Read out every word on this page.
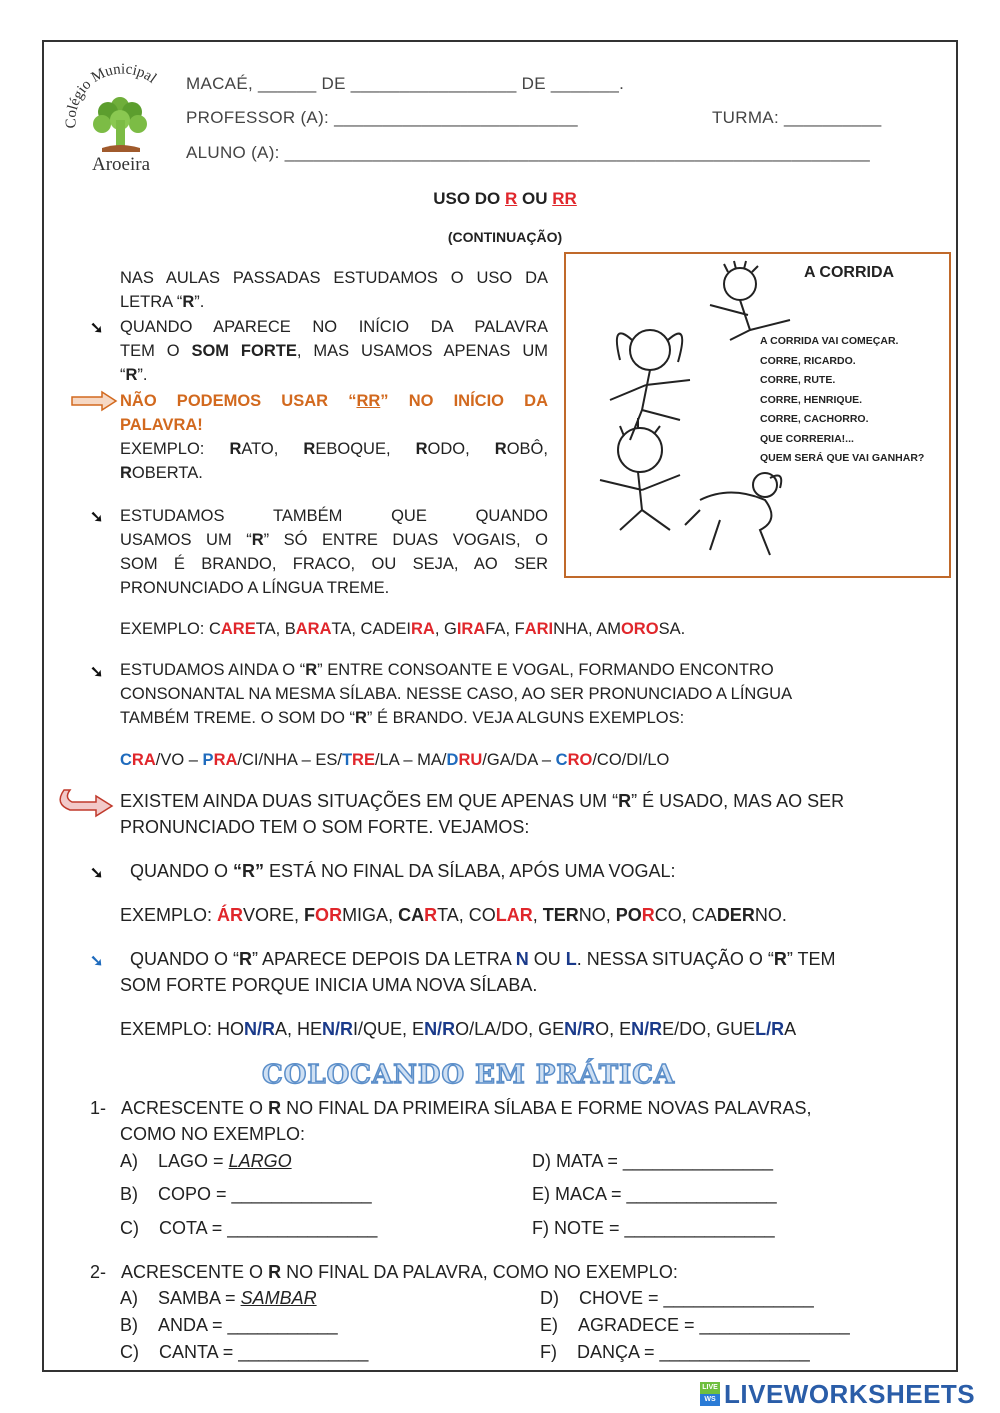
Colégio Municipal
Aroeira
MACAÉ, ______ DE _________________ DE _______.
PROFESSOR (A): _________________________	TURMA: __________
ALUNO (A): ____________________________________________________________
USO DO R OU RR
(CONTINUAÇÃO)
A CORRIDA
A CORRIDA VAI COMEÇAR.
CORRE, RICARDO.
CORRE, RUTE.
CORRE, HENRIQUE.
CORRE, CACHORRO.
QUE CORRERIA!...
QUEM SERÁ QUE VAI GANHAR?
NAS AULAS PASSADAS ESTUDAMOS O USO DA
LETRA “R”.
➘ QUANDO APARECE NO INÍCIO DA PALAVRA
TEM O SOM FORTE, MAS USAMOS APENAS UM
“R”.
NÃO PODEMOS USAR “RR” NO INÍCIO DA
PALAVRA!
EXEMPLO: RATO, REBOQUE, RODO, ROBÔ,
ROBERTA.
➘ ESTUDAMOS TAMBÉM QUE QUANDO
USAMOS UM “R” SÓ ENTRE DUAS VOGAIS, O
SOM É BRANDO, FRACO, OU SEJA, AO SER
PRONUNCIADO A LÍNGUA TREME.
EXEMPLO: CARETA, BARATA, CADEIRA, GIRAFA, FARINHA, AMOROSA.
➘ ESTUDAMOS AINDA O “R” ENTRE CONSOANTE E VOGAL, FORMANDO ENCONTRO
CONSONANTAL NA MESMA SÍLABA. NESSE CASO, AO SER PRONUNCIADO A LÍNGUA
TAMBÉM TREME. O SOM DO “R” É BRANDO. VEJA ALGUNS EXEMPLOS:
CRA/VO – PRA/CI/NHA – ES/TRE/LA – MA/DRU/GA/DA – CRO/CO/DI/LO
EXISTEM AINDA DUAS SITUAÇÕES EM QUE APENAS UM “R” É USADO, MAS AO SER
PRONUNCIADO TEM O SOM FORTE. VEJAMOS:
➘ QUANDO O “R” ESTÁ NO FINAL DA SÍLABA, APÓS UMA VOGAL:
EXEMPLO: ÁRVORE, FORMIGA, CARTA, COLAR, TERNO, PORCO, CADERNO.
➘	QUANDO O “R” APARECE DEPOIS DA LETRA N OU L. NESSA SITUAÇÃO O “R” TEM
SOM FORTE PORQUE INICIA UMA NOVA SÍLABA.
EXEMPLO: HON/RA, HEN/RI/QUE, EN/RO/LA/DO, GEN/RO, EN/RE/DO, GUEL/RA
COLOCANDO EM PRÁTICA
1- ACRESCENTE O R NO FINAL DA PRIMEIRA SÍLABA E FORME NOVAS PALAVRAS,
COMO NO EXEMPLO:
A) LAGO = LARGO
B) COPO = ______________
C) COTA = _______________
D) MATA = _______________
E) MACA = _______________
F) NOTE = _______________
2- ACRESCENTE O R NO FINAL DA PALAVRA, COMO NO EXEMPLO:
A) SAMBA = SAMBAR
B) ANDA = ___________
C) CANTA = _____________
D) CHOVE = _______________
E) AGRADECE = _______________
F) DANÇA = _______________
LIVE
WS LIVEWORKSHEETS
